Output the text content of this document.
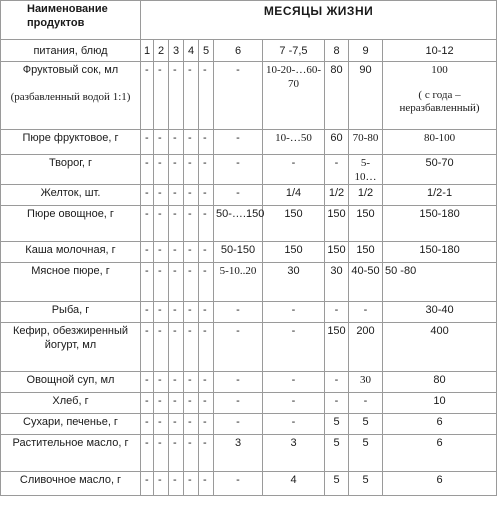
Наименование продуктов	МЕСЯЦЫ ЖИЗНИ									
питания, блюд	1	2	3	4	5	6	7 -7,5	8	9	10-12

Фруктовый сок, мл
(разбавленный водой 1:1)	-	-	-	-	-	-	10-20-…60-70	80	90	100
( с года – неразбавленный)

Пюре фруктовое, г	-	-	-	-	-	-	10-…50	60	70-80	80-100

Творог, г	-	-	-	-	-	-	-	-	5-10…	50-70

Желток, шт.	-	-	-	-	-	-	1/4	1/2	1/2	1/2-1

Пюре овощное, г	-	-	-	-	-	50-….150	150	150	150	150-180

Каша молочная, г	-	-	-	-	-	50-150	150	150	150	150-180

Мясное пюре, г	-	-	-	-	-	5-10..20	30	30	40-50	50 -80

Рыба, г	-	-	-	-	-	-	-	-	-	30-40

Кефир, обезжиренный йогурт, мл	-	-	-	-	-	-	-	150	200	400

Овощной суп, мл	-	-	-	-	-	-	-	-	30	80

Хлеб, г	-	-	-	-	-	-	-	-	-	10

Сухари, печенье, г	-	-	-	-	-	-	-	5	5	6

Растительное масло, г	-	-	-	-	-	3	3	5	5	6

Сливочное масло, г	-	-	-	-	-	-	4	5	5	6
